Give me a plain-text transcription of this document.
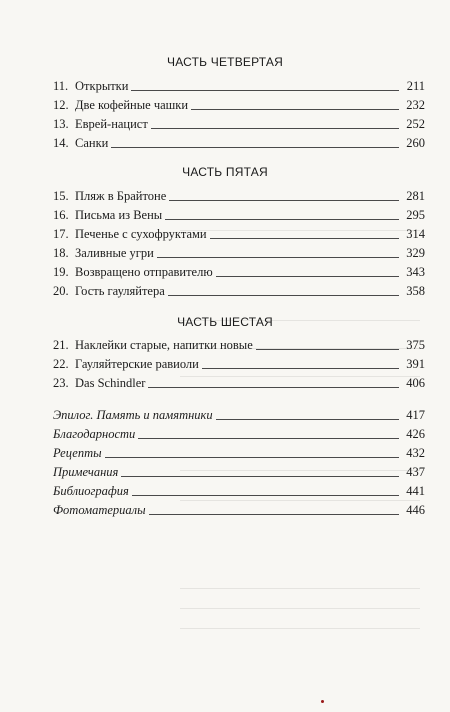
ЧАСТЬ ЧЕТВЕРТАЯ
11. Открытки	211
12. Две кофейные чашки	232
13. Еврей-нацист	252
14. Санки	260
ЧАСТЬ ПЯТАЯ
15. Пляж в Брайтоне	281
16. Письма из Вены	295
17. Печенье с сухофруктами	314
18. Заливные угри	329
19. Возвращено отправителю	343
20. Гость гауляйтера	358
ЧАСТЬ ШЕСТАЯ
21. Наклейки старые, напитки новые	375
22. Гауляйтерские равиоли	391
23. Das Schindler	406
Эпилог. Память и памятники	417
Благодарности	426
Рецепты	432
Примечания	437
Библиография	441
Фотоматериалы	446
